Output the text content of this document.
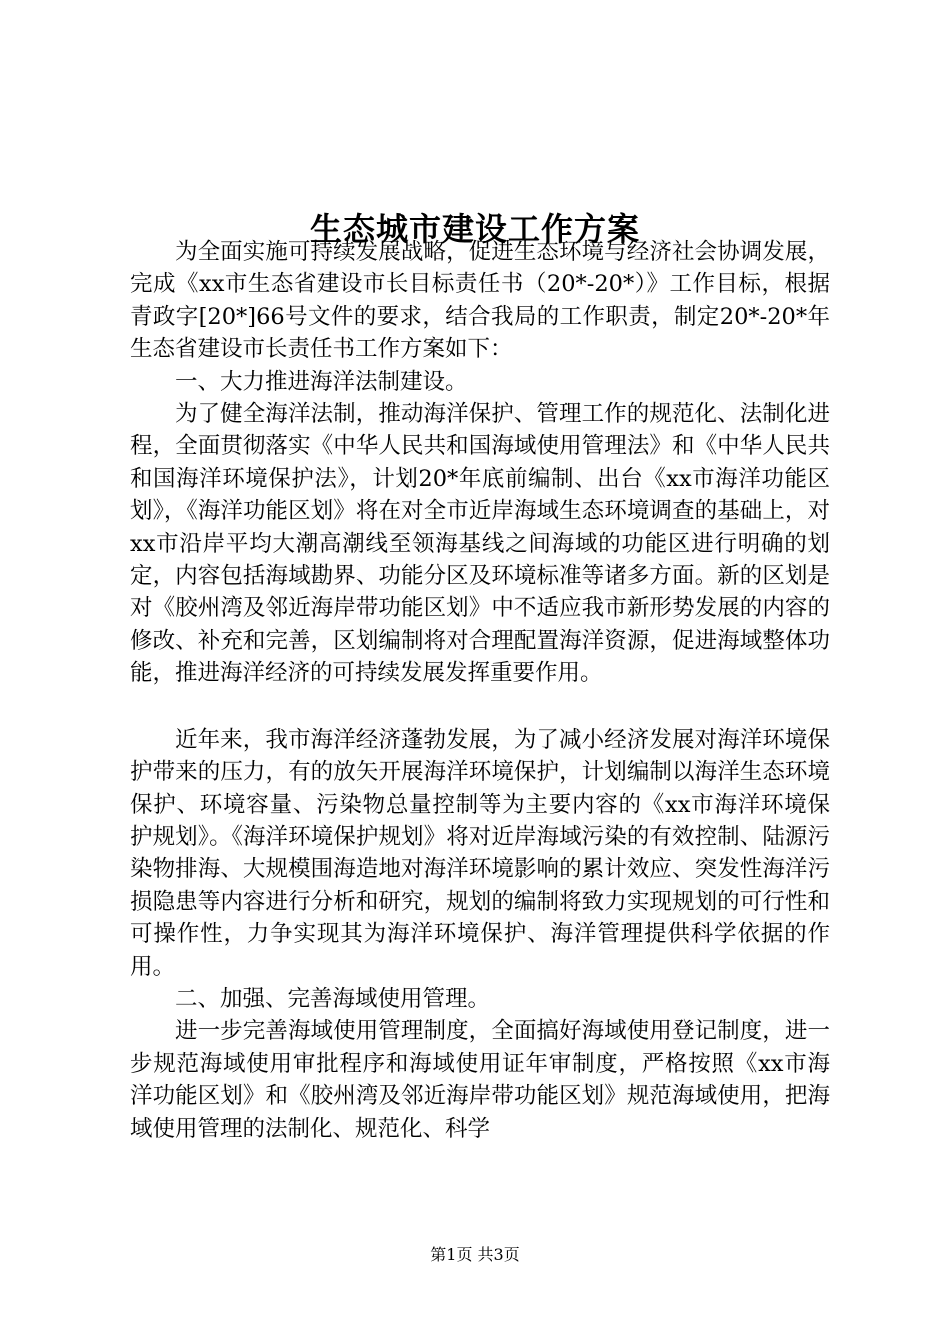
生态城市建设工作方案

为全面实施可持续发展战略，促进生态环境与经济社会协调发展，完成《xx市生态省建设市长目标责任书（20*-20*）》工作目标，根据青政字[20*]66号文件的要求，结合我局的工作职责，制定20*-20*年生态省建设市长责任书工作方案如下：

一、大力推进海洋法制建设。

为了健全海洋法制，推动海洋保护、管理工作的规范化、法制化进程，全面贯彻落实《中华人民共和国海域使用管理法》和《中华人民共和国海洋环境保护法》，计划20*年底前编制、出台《xx市海洋功能区划》，《海洋功能区划》将在对全市近岸海域生态环境调查的基础上，对xx市沿岸平均大潮高潮线至领海基线之间海域的功能区进行明确的划定，内容包括海域勘界、功能分区及环境标准等诸多方面。新的区划是对《胶州湾及邻近海岸带功能区划》中不适应我市新形势发展的内容的修改、补充和完善，区划编制将对合理配置海洋资源，促进海域整体功能，推进海洋经济的可持续发展发挥重要作用。

近年来，我市海洋经济蓬勃发展，为了减小经济发展对海洋环境保护带来的压力，有的放矢开展海洋环境保护，计划编制以海洋生态环境保护、环境容量、污染物总量控制等为主要内容的《xx市海洋环境保护规划》。《海洋环境保护规划》将对近岸海域污染的有效控制、陆源污染物排海、大规模围海造地对海洋环境影响的累计效应、突发性海洋污损隐患等内容进行分析和研究，规划的编制将致力实现规划的可行性和可操作性，力争实现其为海洋环境保护、海洋管理提供科学依据的作用。

二、加强、完善海域使用管理。

进一步完善海域使用管理制度，全面搞好海域使用登记制度，进一步规范海域使用审批程序和海域使用证年审制度，严格按照《xx市海洋功能区划》和《胶州湾及邻近海岸带功能区划》规范海域使用，把海域使用管理的法制化、规范化、科学

第1页 共3页
